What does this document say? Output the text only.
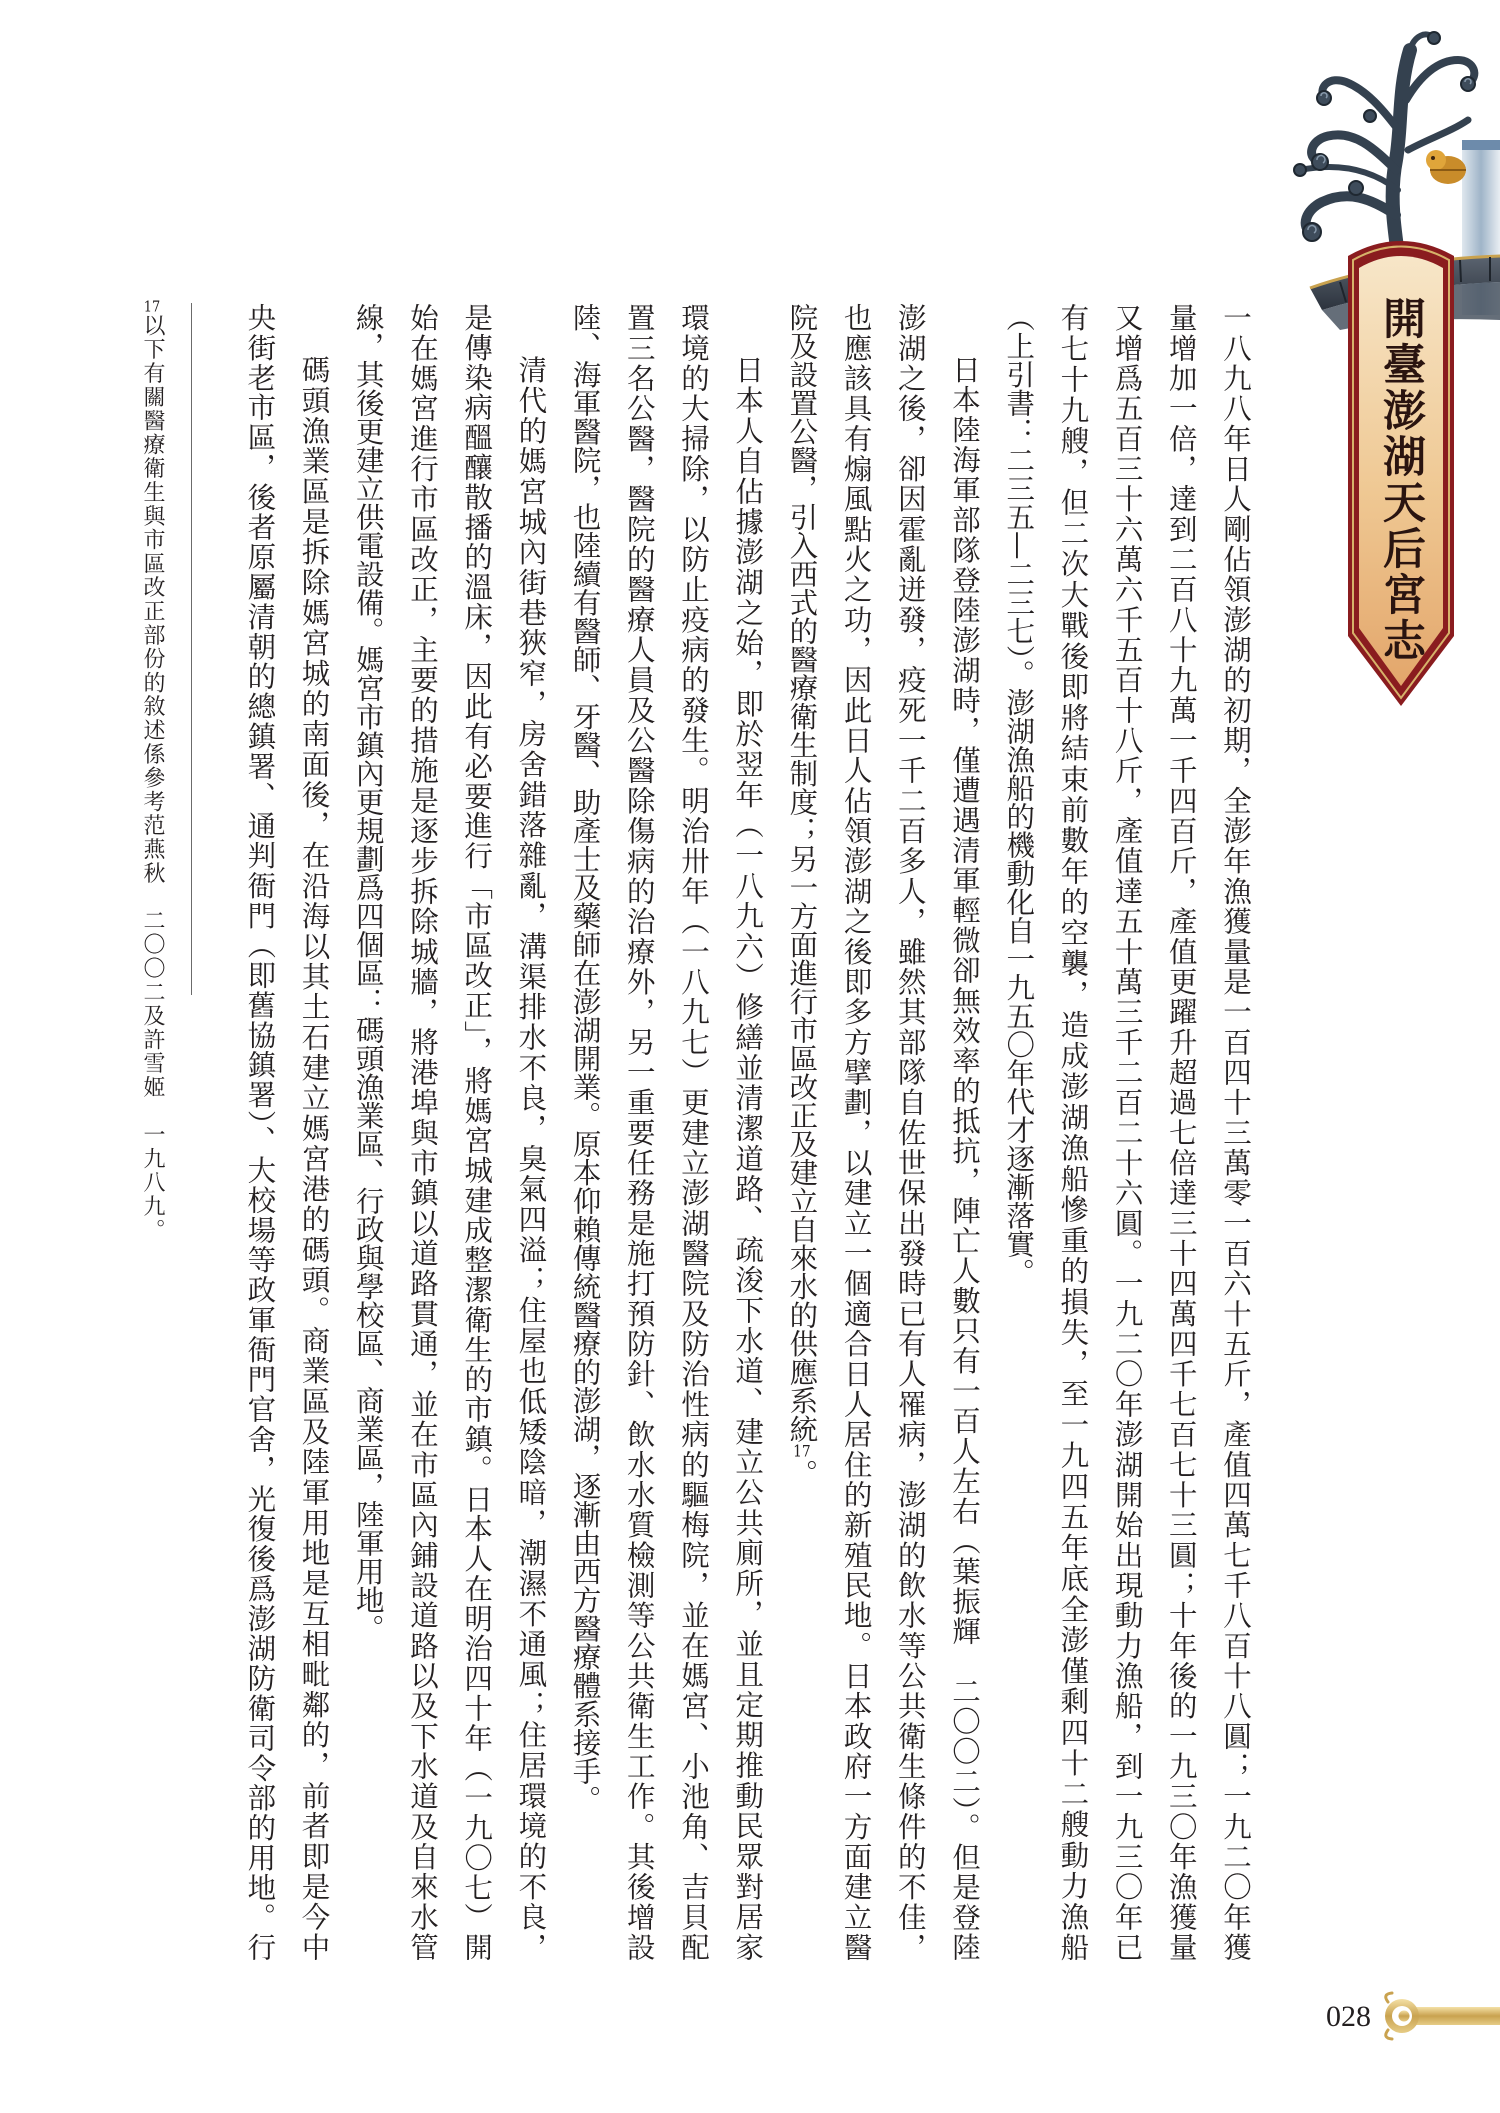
開臺澎湖天后宮志
一八九八年日人剛佔領澎湖的初期，全澎年漁獲量是一百四十三萬零一百六十五斤，產值四萬七千八百十八圓；一九二〇年獲
量增加一倍，達到二百八十九萬一千四百斤，產值更躍升超過七倍達三十四萬四千七百七十三圓；十年後的一九三〇年漁獲量
又增爲五百三十六萬六千五百十八斤，產值達五十萬三千二百二十六圓。一九二〇年澎湖開始出現動力漁船，到一九三〇年已
有七十九艘，但二次大戰後即將結束前數年的空襲，造成澎湖漁船慘重的損失，至一九四五年底全澎僅剩四十二艘動力漁船
（上引書：二三五—二三七）。澎湖漁船的機動化自一九五〇年代才逐漸落實。
日本陸海軍部隊登陸澎湖時，僅遭遇清軍輕微卻無效率的抵抗，陣亡人數只有一百人左右（葉振輝　二〇〇二）。但是登陸
澎湖之後，卻因霍亂迸發，疫死一千二百多人，雖然其部隊自佐世保出發時已有人罹病，澎湖的飲水等公共衛生條件的不佳，
也應該具有煽風點火之功，因此日人佔領澎湖之後即多方擘劃，以建立一個適合日人居住的新殖民地。日本政府一方面建立醫
院及設置公醫，引入西式的醫療衛生制度；另一方面進行市區改正及建立自來水的供應系統17。
日本人自佔據澎湖之始，即於翌年（一八九六）修繕並清潔道路、疏浚下水道、建立公共廁所，並且定期推動民眾對居家
環境的大掃除，以防止疫病的發生。明治卅年（一八九七）更建立澎湖醫院及防治性病的驅梅院，並在媽宮、小池角、吉貝配
置三名公醫，醫院的醫療人員及公醫除傷病的治療外，另一重要任務是施打預防針、飲水水質檢測等公共衛生工作。其後增設
陸、海軍醫院，也陸續有醫師、牙醫、助產士及藥師在澎湖開業。原本仰賴傳統醫療的澎湖，逐漸由西方醫療體系接手。
清代的媽宮城內街巷狹窄，房舍錯落雜亂，溝渠排水不良，臭氣四溢；住屋也低矮陰暗，潮濕不通風；住居環境的不良，
是傳染病醞釀散播的溫床，因此有必要進行「市區改正」，將媽宮城建成整潔衛生的市鎮。日本人在明治四十年（一九〇七）開
始在媽宮進行市區改正，主要的措施是逐步拆除城牆，將港埠與市鎮以道路貫通，並在市區內鋪設道路以及下水道及自來水管
線，其後更建立供電設備。媽宮市鎮內更規劃爲四個區：碼頭漁業區、行政與學校區、商業區，陸軍用地。
碼頭漁業區是拆除媽宮城的南面後，在沿海以其土石建立媽宮港的碼頭。商業區及陸軍用地是互相毗鄰的，前者即是今中
央街老市區，後者原屬清朝的總鎮署、通判衙門（即舊協鎮署）、大校場等政軍衙門官舍，光復後爲澎湖防衛司令部的用地。行
17以下有關醫療衛生與市區改正部份的敘述係參考范燕秋　二〇〇二及許雪姬　一九八九。
028
